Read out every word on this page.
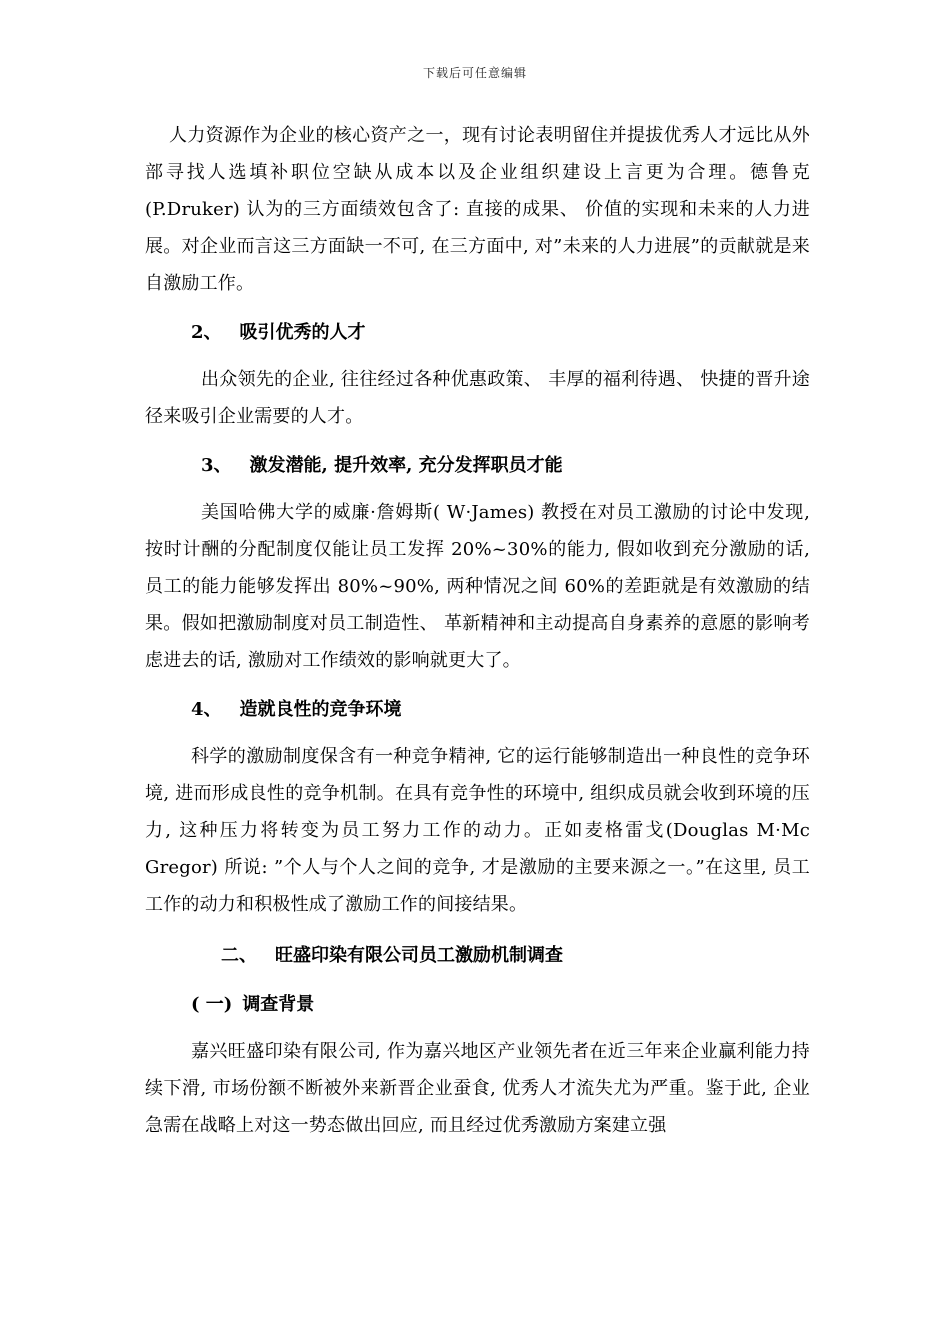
下载后可任意编辑

人力资源作为企业的核心资产之一，现有讨论表明留住并提拔优秀人才远比从外部寻找人选填补职位空缺从成本以及企业组织建设上言更为合理。德鲁克(P.Druker) 认为的三方面绩效包含了: 直接的成果、 价值的实现和未来的人力进展。对企业而言这三方面缺一不可, 在三方面中, 对”未来的人力进展”的贡献就是来自激励工作。

2、 吸引优秀的人才

出众领先的企业, 往往经过各种优惠政策、 丰厚的福利待遇、 快捷的晋升途径来吸引企业需要的人才。

3、 激发潜能, 提升效率, 充分发挥职员才能

美国哈佛大学的威廉·詹姆斯( W·James) 教授在对员工激励的讨论中发现, 按时计酬的分配制度仅能让员工发挥 20%~30%的能力, 假如收到充分激励的话, 员工的能力能够发挥出 80%~90%, 两种情况之间 60%的差距就是有效激励的结果。假如把激励制度对员工制造性、 革新精神和主动提高自身素养的意愿的影响考虑进去的话, 激励对工作绩效的影响就更大了。

4、 造就良性的竞争环境

科学的激励制度保含有一种竞争精神, 它的运行能够制造出一种良性的竞争环境, 进而形成良性的竞争机制。在具有竞争性的环境中, 组织成员就会收到环境的压力, 这种压力将转变为员工努力工作的动力。正如麦格雷戈(Douglas M·Mc Gregor) 所说: ”个人与个人之间的竞争, 才是激励的主要来源之一。”在这里, 员工工作的动力和积极性成了激励工作的间接结果。

二、 旺盛印染有限公司员工激励机制调查
( 一) 调查背景

嘉兴旺盛印染有限公司, 作为嘉兴地区产业领先者在近三年来企业赢利能力持续下滑, 市场份额不断被外来新晋企业蚕食, 优秀人才流失尤为严重。鉴于此, 企业急需在战略上对这一势态做出回应, 而且经过优秀激励方案建立强
